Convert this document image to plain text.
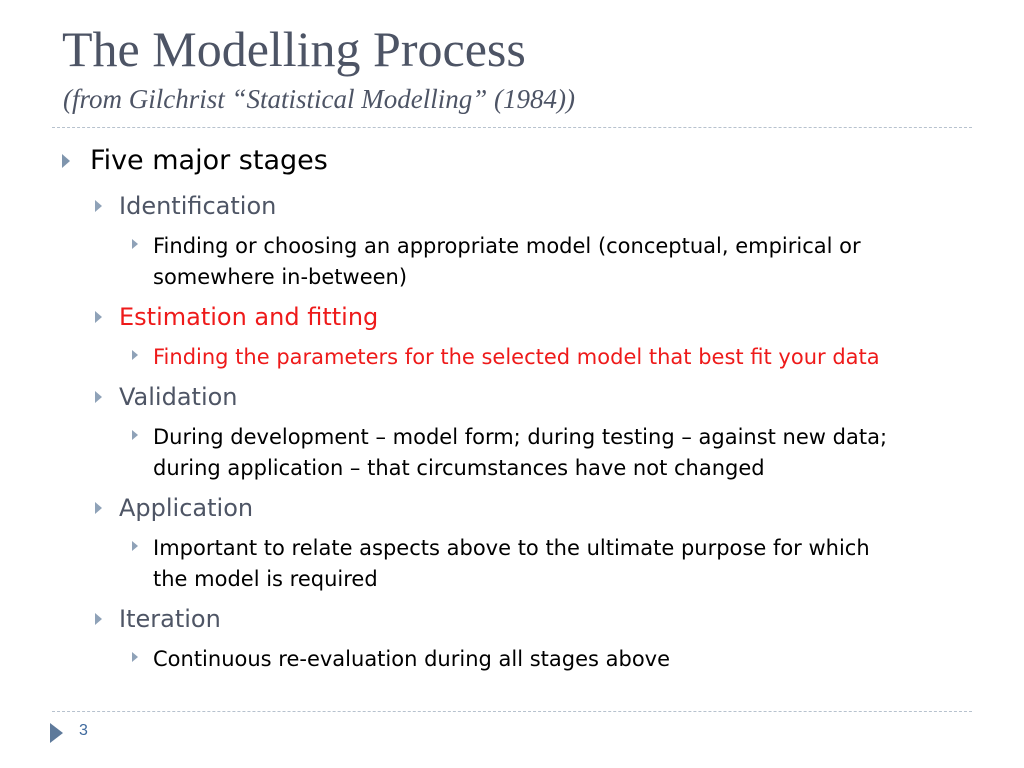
The Modelling Process
(from Gilchrist “Statistical Modelling” (1984))
Five major stages
Identification
Finding or choosing an appropriate model (conceptual, empirical or
somewhere in-between)
Estimation and fitting
Finding the parameters for the selected model that best fit your data
Validation
During development – model form; during testing – against new data;
during application – that circumstances have not changed
Application
Important to relate aspects above to the ultimate purpose for which
the model is required
Iteration
Continuous re-evaluation during all stages above
3
